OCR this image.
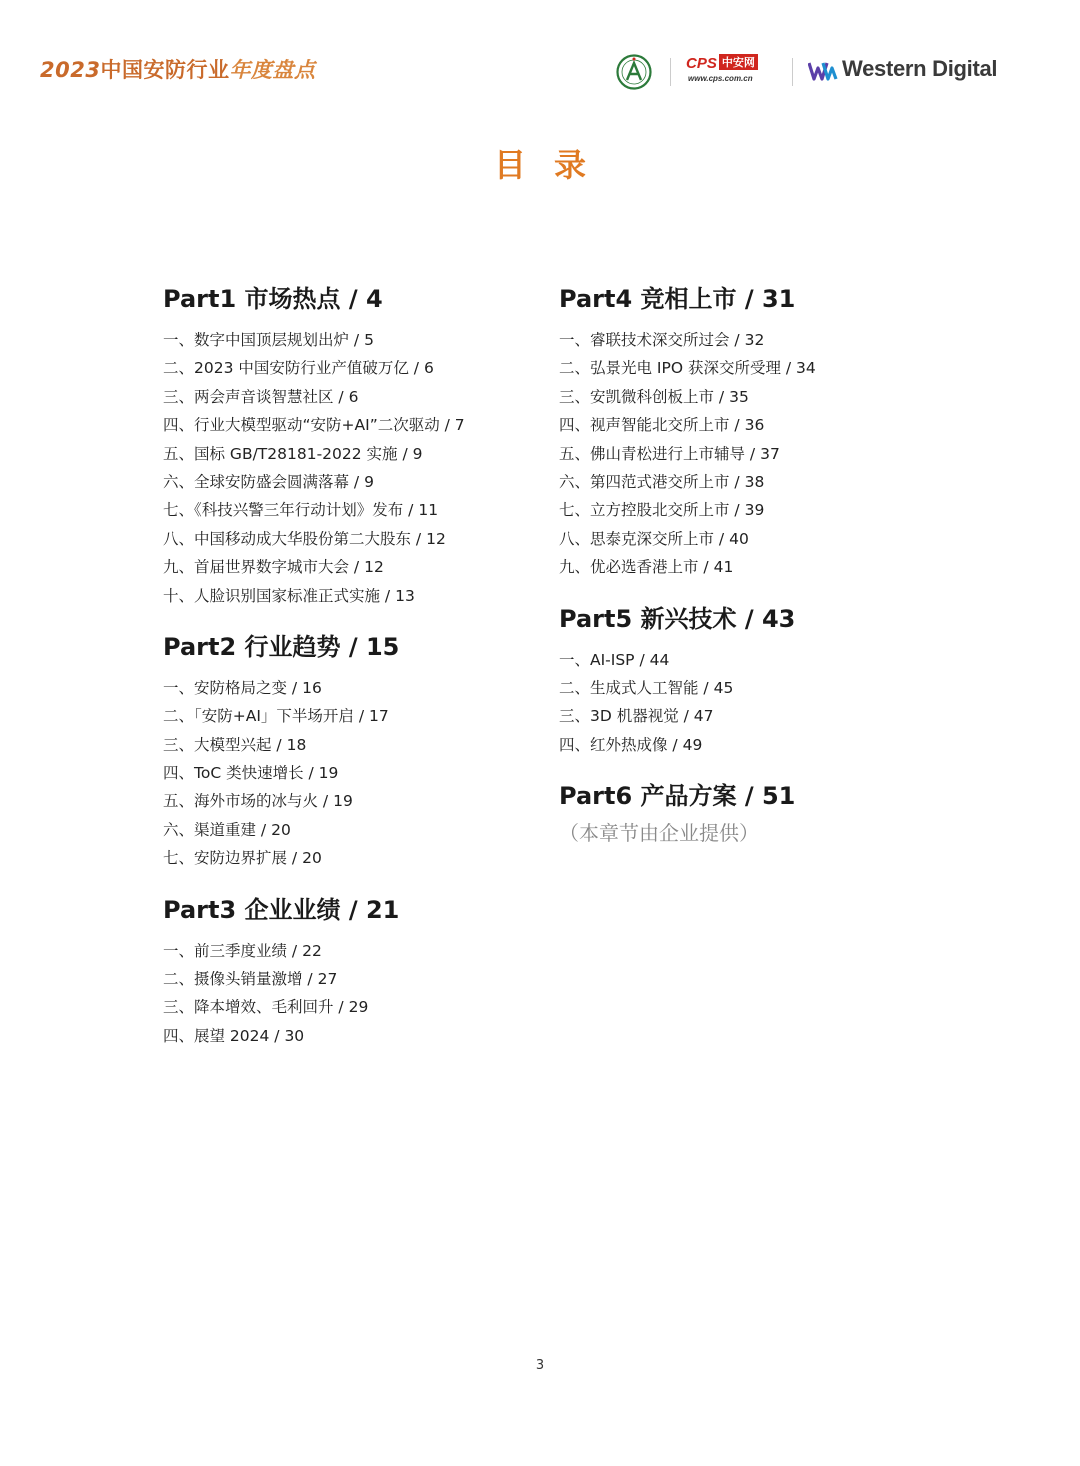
2023中国安防行业年度盘点	CPS 中安网
www.cps.com.cn	Western Digital
目录
Part1 市场热点 / 4
一、数字中国顶层规划出炉 / 5
二、2023 中国安防行业产值破万亿 / 6
三、两会声音谈智慧社区 / 6
四、行业大模型驱动“安防+AI”二次驱动 / 7
五、国标 GB/T28181-2022 实施 / 9
六、全球安防盛会圆满落幕 / 9
七、《科技兴警三年行动计划》发布 / 11
八、中国移动成大华股份第二大股东 / 12
九、首届世界数字城市大会 / 12
十、人脸识别国家标准正式实施 / 13
Part2 行业趋势 / 15
一、安防格局之变 / 16
二、「安防+AI」下半场开启 / 17
三、大模型兴起 / 18
四、ToC 类快速增长 / 19
五、海外市场的冰与火 / 19
六、渠道重建 / 20
七、安防边界扩展 / 20
Part3 企业业绩 / 21
一、前三季度业绩 / 22
二、摄像头销量激增 / 27
三、降本增效、毛利回升 / 29
四、展望 2024 / 30
Part4 竞相上市 / 31
一、睿联技术深交所过会 / 32
二、弘景光电 IPO 获深交所受理 / 34
三、安凯微科创板上市 / 35
四、视声智能北交所上市 / 36
五、佛山青松进行上市辅导 / 37
六、第四范式港交所上市 / 38
七、立方控股北交所上市 / 39
八、思泰克深交所上市 / 40
九、优必选香港上市 / 41
Part5 新兴技术 / 43
一、AI-ISP / 44
二、生成式人工智能 / 45
三、3D 机器视觉 / 47
四、红外热成像 / 49
Part6 产品方案 / 51
（本章节由企业提供）
3
